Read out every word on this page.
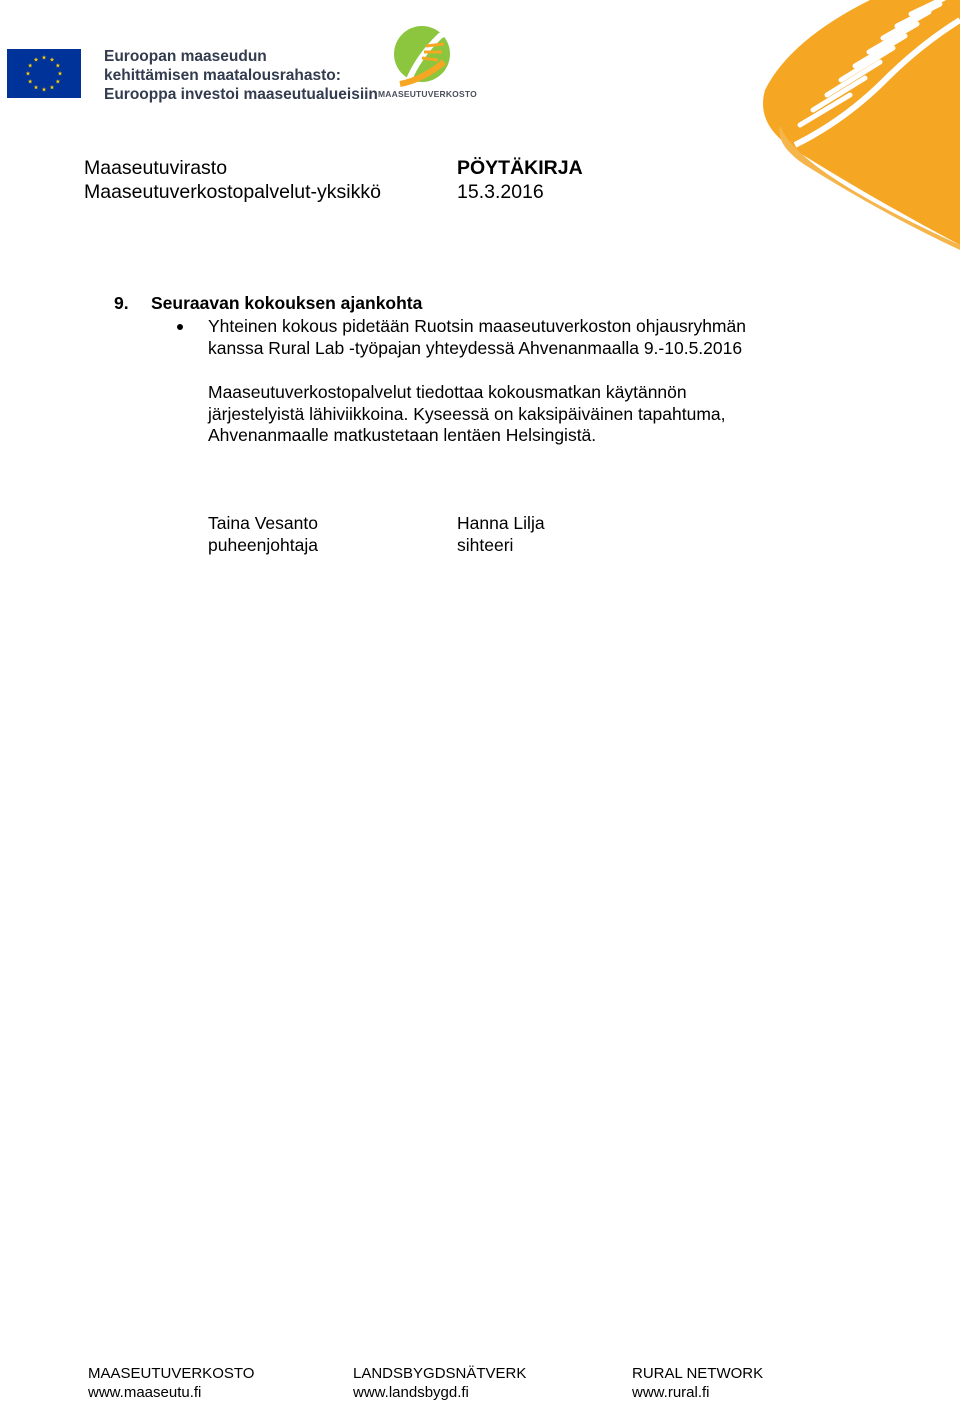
Euroopan maaseudun
kehittämisen maatalousrahasto:
Eurooppa investoi maaseutualueisiin MAASEUTUVERKOSTO
Maaseutuvirasto
Maaseutuverkostopalvelut-yksikkö
PÖYTÄKIRJA
15.3.2016
9. Seuraavan kokouksen ajankohta
Yhteinen kokous pidetään Ruotsin maaseutuverkoston ohjausryhmän
kanssa Rural Lab -työpajan yhteydessä Ahvenanmaalla 9.-10.5.2016
Maaseutuverkostopalvelut tiedottaa kokousmatkan käytännön
järjestelyistä lähiviikkoina. Kyseessä on kaksipäiväinen tapahtuma,
Ahvenanmaalle matkustetaan lentäen Helsingistä.
Taina Vesanto
puheenjohtaja
Hanna Lilja
sihteeri
MAASEUTUVERKOSTO
www.maaseutu.fi
LANDSBYGDSNÄTVERK
www.landsbygd.fi
RURAL NETWORK
www.rural.fi
